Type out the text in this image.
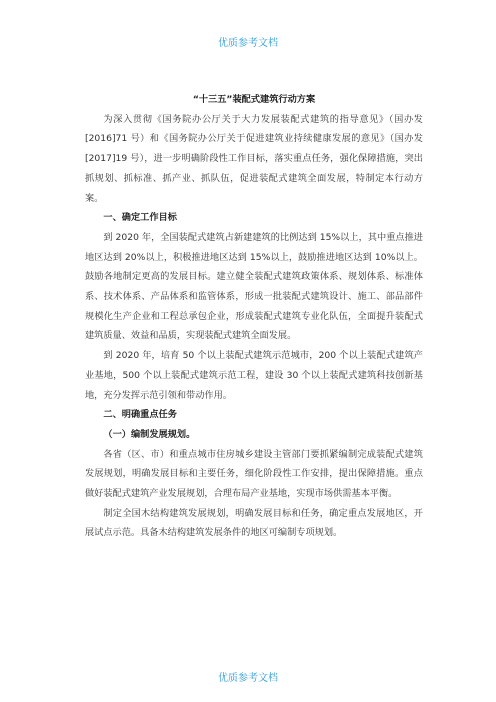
优质参考文档

“十三五”装配式建筑行动方案

为深入贯彻《国务院办公厅关于大力发展装配式建筑的指导意见》（国办发[2016]71 号）和《国务院办公厅关于促进建筑业持续健康发展的意见》（国办发[2017]19 号），进一步明确阶段性工作目标，落实重点任务，强化保障措施，突出抓规划、抓标准、抓产业、抓队伍，促进装配式建筑全面发展，特制定本行动方案。

一、确定工作目标

到 2020 年，全国装配式建筑占新建建筑的比例达到 15%以上，其中重点推进地区达到 20%以上，积极推进地区达到 15%以上，鼓励推进地区达到 10%以上。鼓励各地制定更高的发展目标。建立健全装配式建筑政策体系、规划体系、标准体系、技术体系、产品体系和监管体系，形成一批装配式建筑设计、施工、部品部件规模化生产企业和工程总承包企业，形成装配式建筑专业化队伍，全面提升装配式建筑质量、效益和品质，实现装配式建筑全面发展。

到 2020 年，培育 50 个以上装配式建筑示范城市，200 个以上装配式建筑产业基地，500 个以上装配式建筑示范工程，建设 30 个以上装配式建筑科技创新基地，充分发挥示范引领和带动作用。

二、明确重点任务

（一）编制发展规划。

各省（区、市）和重点城市住房城乡建设主管部门要抓紧编制完成装配式建筑发展规划，明确发展目标和主要任务，细化阶段性工作安排，提出保障措施。重点做好装配式建筑产业发展规划，合理布局产业基地，实现市场供需基本平衡。

制定全国木结构建筑发展规划，明确发展目标和任务，确定重点发展地区，开展试点示范。具备木结构建筑发展条件的地区可编制专项规划。

优质参考文档
